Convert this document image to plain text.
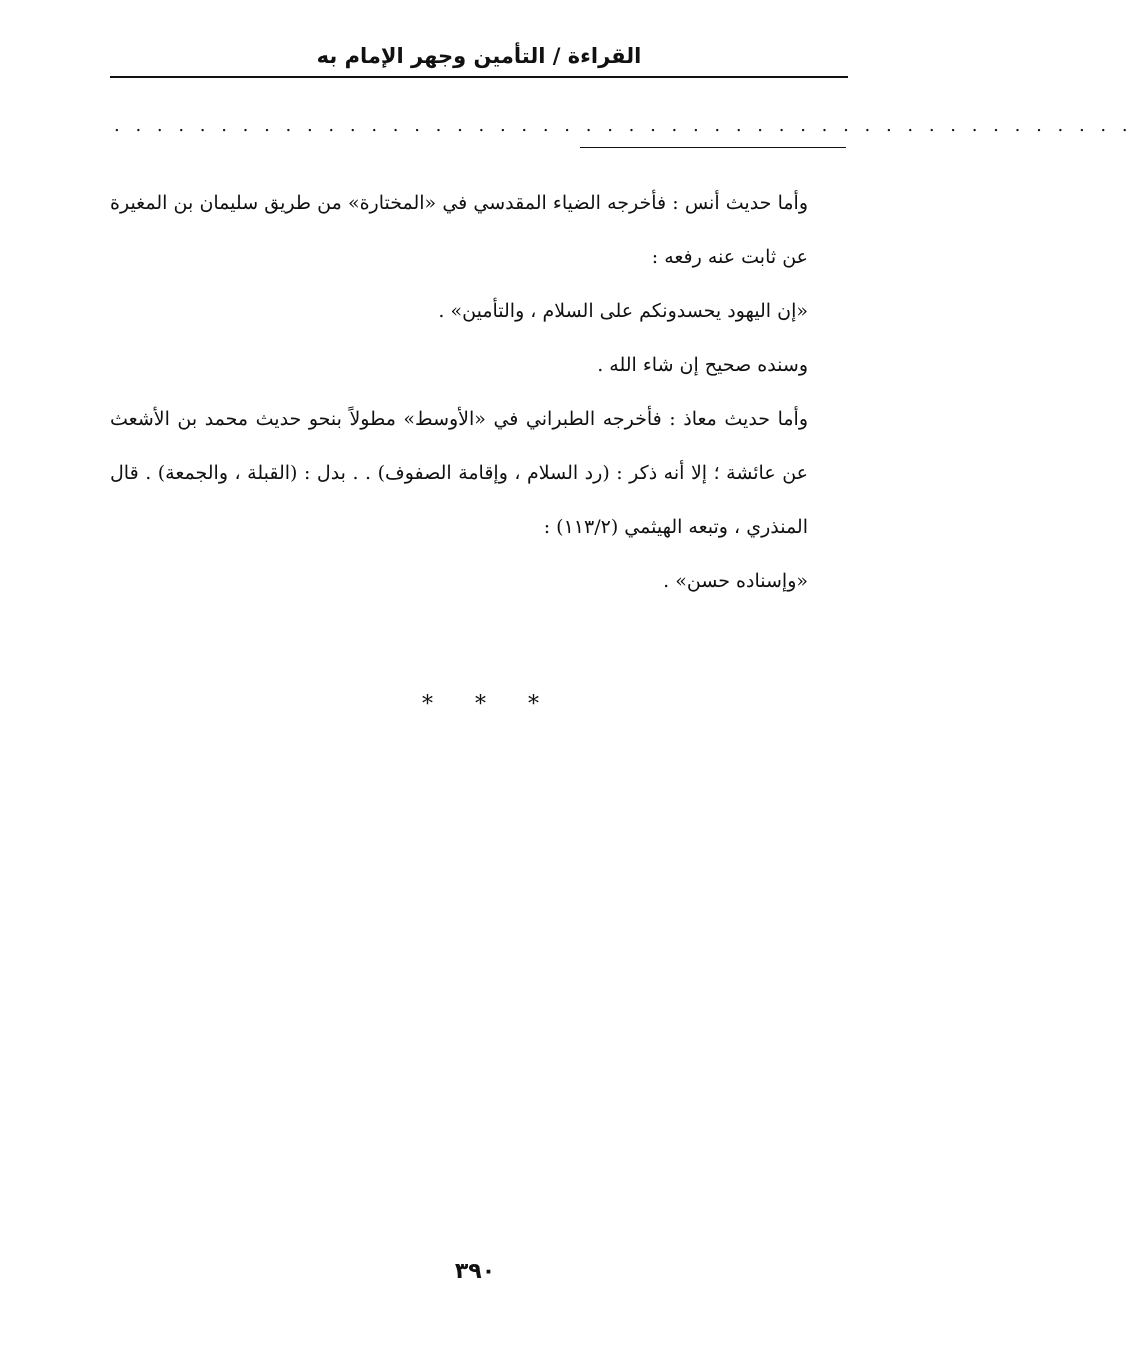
القراءة / التأمين وجهر الإمام به
. . . . . . . . . . . . . . . . . . . . . . . . . . . . . . . . . . . . . . . . . . . . . . . .

وأما حديث أنس : فأخرجه الضياء المقدسي في «المختارة» من طريق سليمان بن المغيرة عن ثابت عنه رفعه :

«إن اليهود يحسدونكم على السلام ، والتأمين» .

وسنده صحيح إن شاء الله .

وأما حديث معاذ : فأخرجه الطبراني في «الأوسط» مطولاً بنحو حديث محمد بن الأشعث عن عائشة ؛ إلا أنه ذكر : (رد السلام ، وإقامة الصفوف) . . بدل : (القبلة ، والجمعة) . قال المنذري ، وتبعه الهيثمي (١١٣/٢) :

«وإسناده حسن» .

***
٣٩٠
